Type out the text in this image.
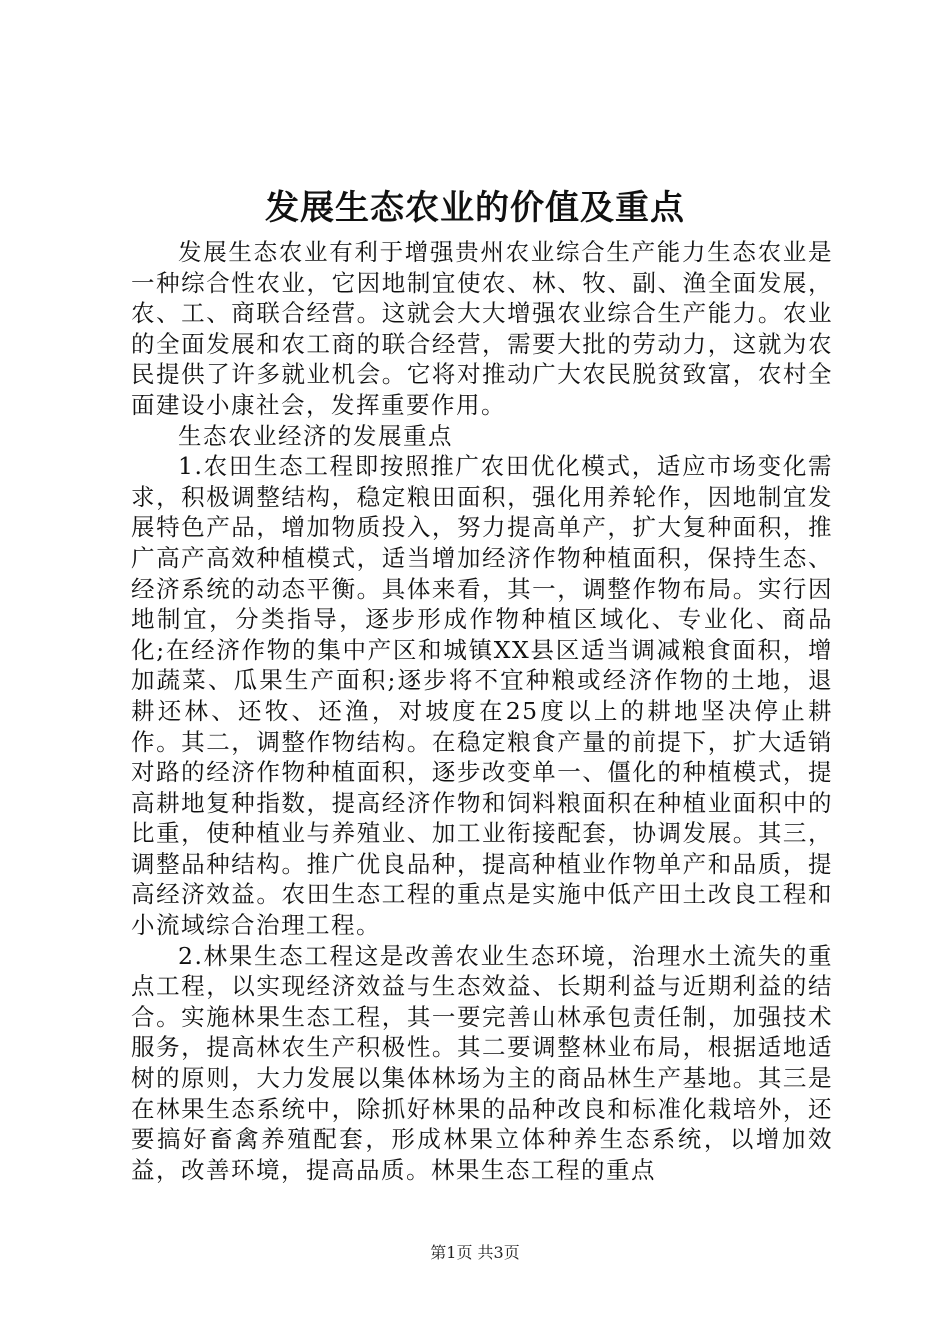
发展生态农业的价值及重点

发展生态农业有利于增强贵州农业综合生产能力生态农业是一种综合性农业，它因地制宜使农、林、牧、副、渔全面发展，农、工、商联合经营。这就会大大增强农业综合生产能力。农业的全面发展和农工商的联合经营，需要大批的劳动力，这就为农民提供了许多就业机会。它将对推动广大农民脱贫致富，农村全面建设小康社会，发挥重要作用。

生态农业经济的发展重点

1.农田生态工程即按照推广农田优化模式，适应市场变化需求，积极调整结构，稳定粮田面积，强化用养轮作，因地制宜发展特色产品，增加物质投入，努力提高单产，扩大复种面积，推广高产高效种植模式，适当增加经济作物种植面积，保持生态、经济系统的动态平衡。具体来看，其一，调整作物布局。实行因地制宜，分类指导，逐步形成作物种植区域化、专业化、商品化;在经济作物的集中产区和城镇XX县区适当调减粮食面积，增加蔬菜、瓜果生产面积;逐步将不宜种粮或经济作物的土地，退耕还林、还牧、还渔，对坡度在25度以上的耕地坚决停止耕作。其二，调整作物结构。在稳定粮食产量的前提下，扩大适销对路的经济作物种植面积，逐步改变单一、僵化的种植模式，提高耕地复种指数，提高经济作物和饲料粮面积在种植业面积中的比重，使种植业与养殖业、加工业衔接配套，协调发展。其三，调整品种结构。推广优良品种，提高种植业作物单产和品质，提高经济效益。农田生态工程的重点是实施中低产田土改良工程和小流域综合治理工程。

2.林果生态工程这是改善农业生态环境，治理水土流失的重点工程，以实现经济效益与生态效益、长期利益与近期利益的结合。实施林果生态工程，其一要完善山林承包责任制，加强技术服务，提高林农生产积极性。其二要调整林业布局，根据适地适树的原则，大力发展以集体林场为主的商品林生产基地。其三是在林果生态系统中，除抓好林果的品种改良和标准化栽培外，还要搞好畜禽养殖配套，形成林果立体种养生态系统，以增加效益，改善环境，提高品质。林果生态工程的重点

第1页 共3页
